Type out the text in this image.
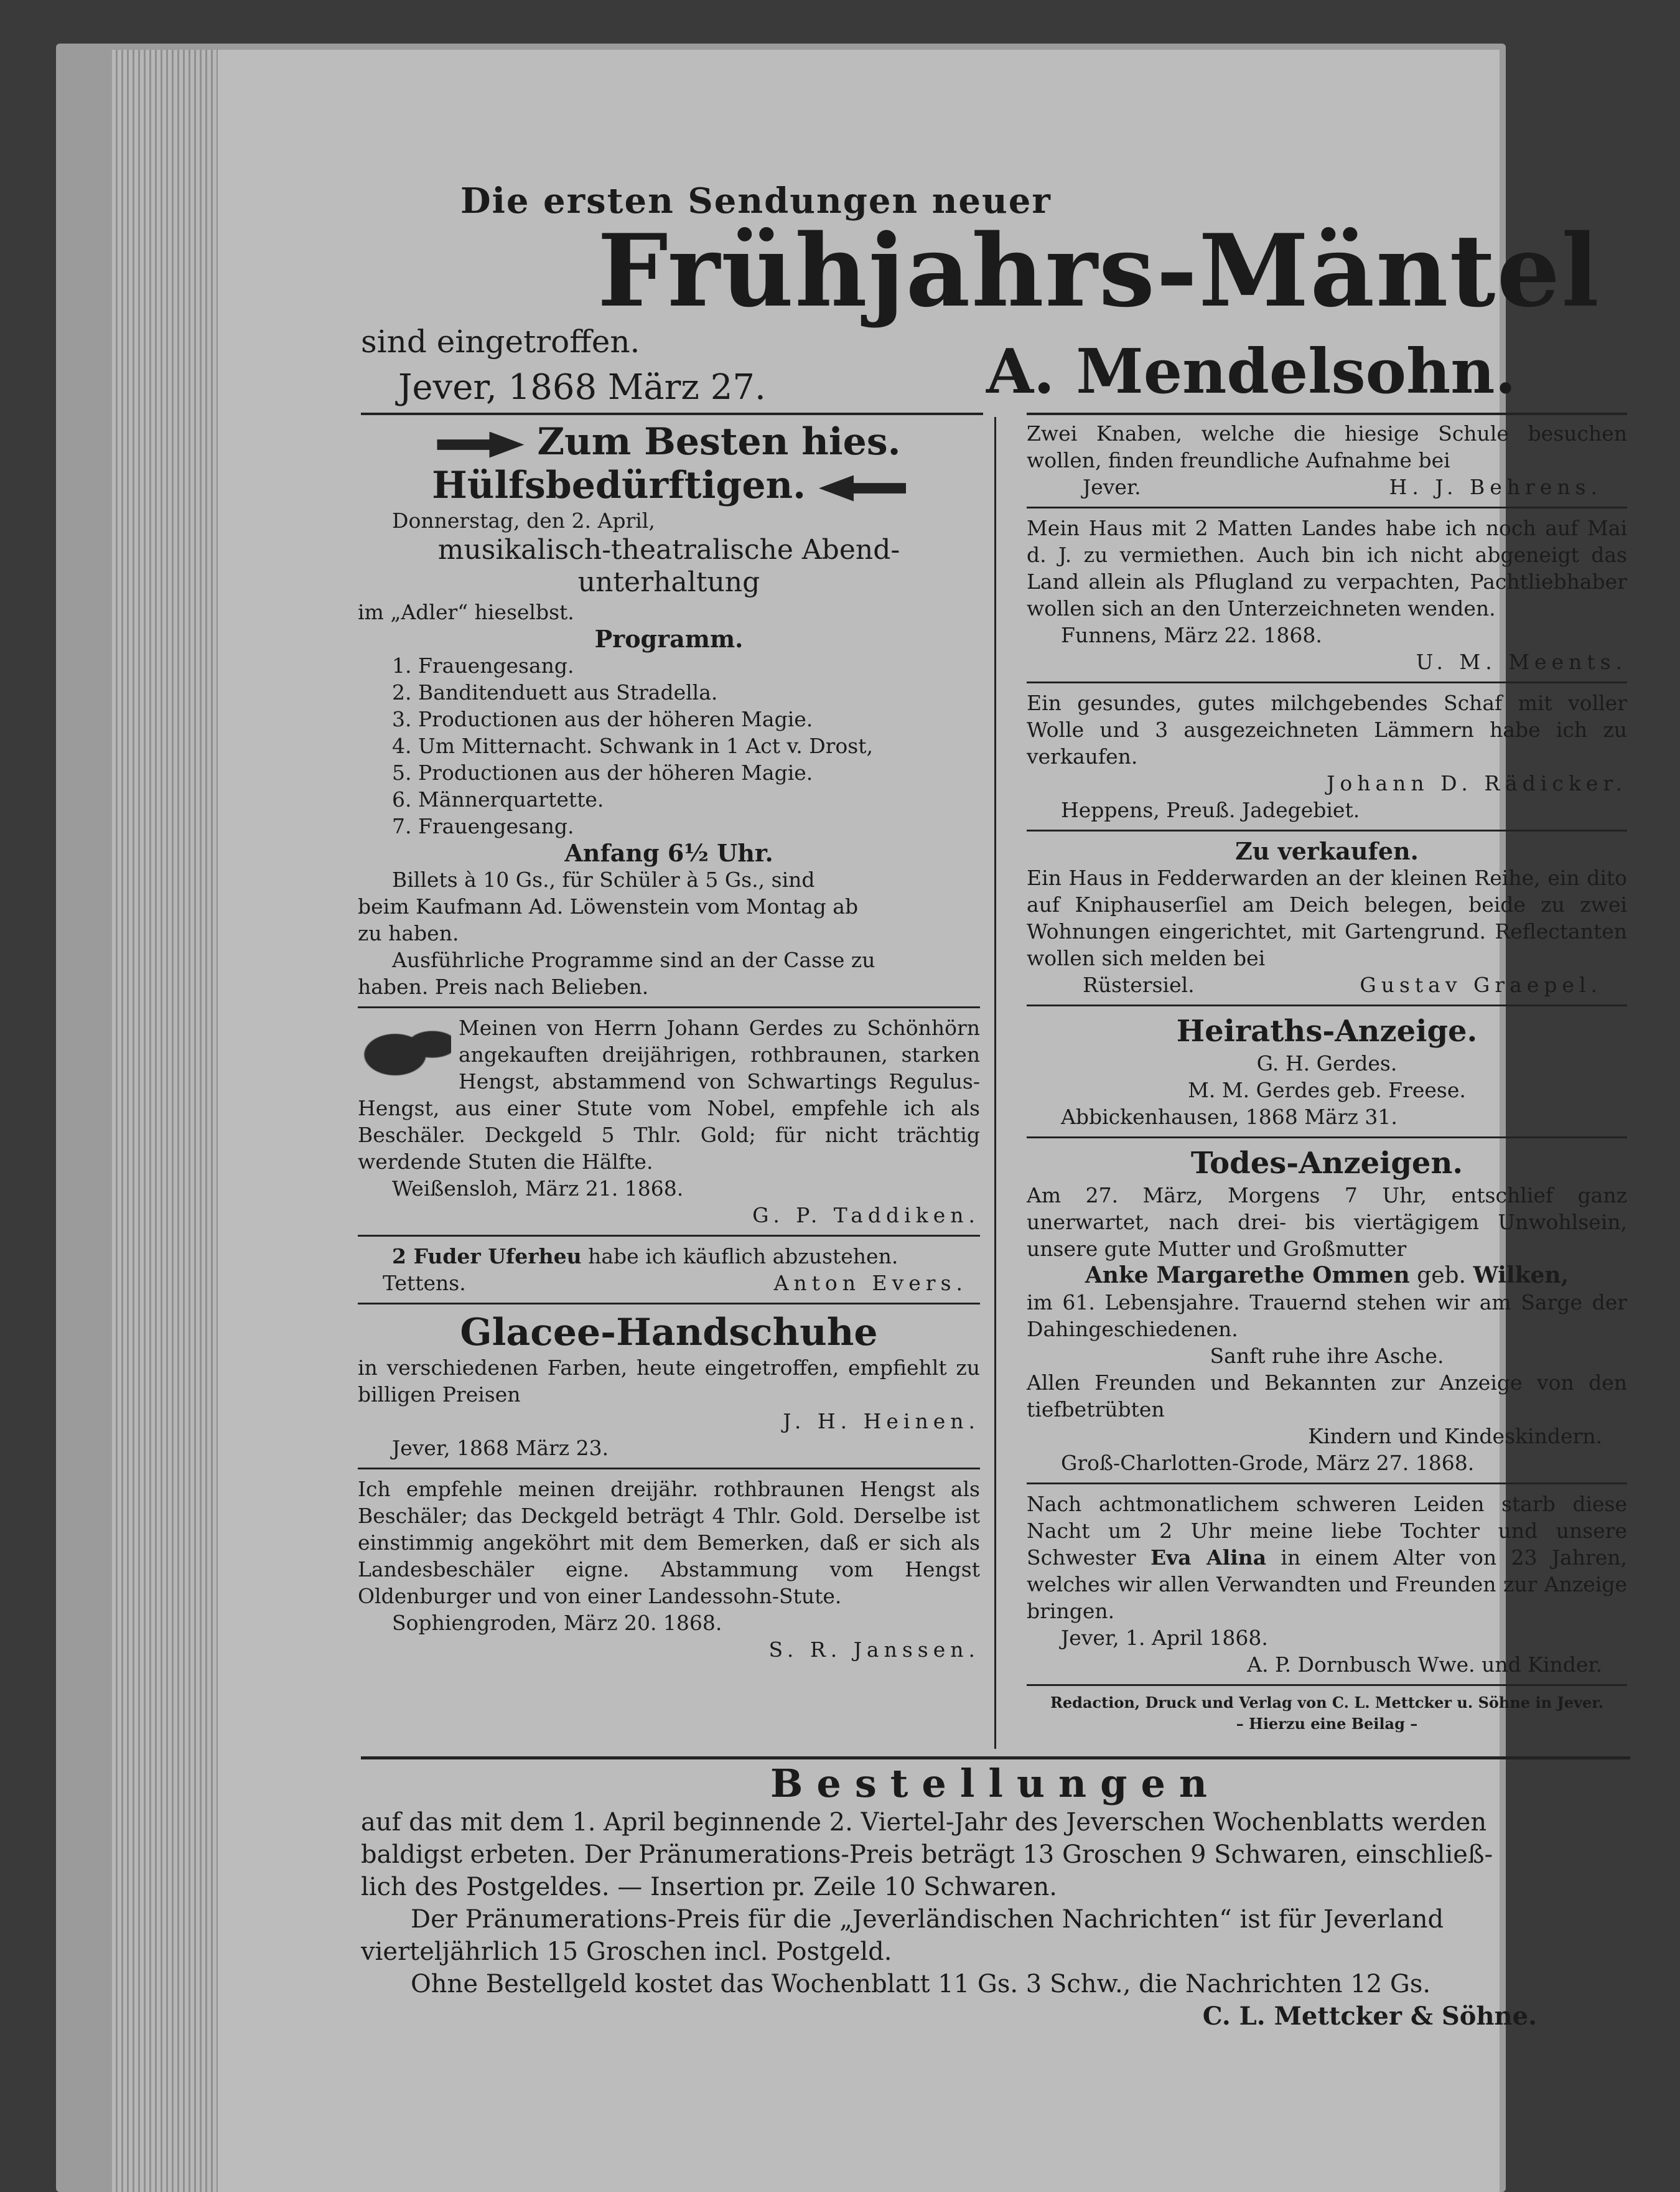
Die ersten Sendungen neuer
Frühjahrs-Mäntel
sind eingetroffen.
Jever, 1868 März 27.	A. Mendelsohn.
Zum Besten hies.
Hülfsbedürftigen.

Donnerstag, den 2. April,

musikalisch-theatralische Abend-

unterhaltung

im „Adler“ hieselbst.

Programm.

1. Frauengesang.

2. Banditenduett aus Stradella.

3. Productionen aus der höheren Magie.

4. Um Mitternacht. Schwank in 1 Act v. Drost,

5. Productionen aus der höheren Magie.

6. Männerquartette.

7. Frauengesang.

Anfang 6½ Uhr.

Billets à 10 Gs., für Schüler à 5 Gs., sind

beim Kaufmann Ad. Löwenstein vom Montag ab

zu haben.

Ausführliche Programme sind an der Casse zu

haben. Preis nach Belieben.

Meinen von Herrn Johann Gerdes zu Schönhörn angekauften dreijährigen, rothbraunen, starken Hengst, abstammend von Schwartings Regulus-Hengst, aus einer Stute vom Nobel, empfehle ich als Beschäler. Deckgeld 5 Thlr. Gold; für nicht trächtig werdende Stuten die Hälfte.

Weißensloh, März 21. 1868.

G. P. Taddiken.

2 Fuder Uferheu habe ich käuflich abzustehen.

Tettens.	Anton Evers.

Glacee-Handschuhe

in verschiedenen Farben, heute eingetroffen, empfiehlt zu billigen Preisen

J. H. Heinen.

Jever, 1868 März 23.

Ich empfehle meinen dreijähr. rothbraunen Hengst als Beschäler; das Deckgeld beträgt 4 Thlr. Gold. Derselbe ist einstimmig angeköhrt mit dem Bemerken, daß er sich als Landesbeschäler eigne. Abstammung vom Hengst Oldenburger und von einer Landessohn-Stute.

Sophiengroden, März 20. 1868.

S. R. Janssen.

Zwei Knaben, welche die hiesige Schule besuchen wollen, finden freundliche Aufnahme bei

Jever.	H. J. Behrens.

Mein Haus mit 2 Matten Landes habe ich noch auf Mai d. J. zu vermiethen. Auch bin ich nicht abgeneigt das Land allein als Pflugland zu verpachten, Pachtliebhaber wollen sich an den Unterzeichneten wenden.

Funnens, März 22. 1868.

U. M. Meents.

Ein gesundes, gutes milchgebendes Schaf mit voller Wolle und 3 ausgezeichneten Lämmern habe ich zu verkaufen.

Johann D. Rädicker.

Heppens, Preuß. Jadegebiet.

Zu verkaufen.

Ein Haus in Fedderwarden an der kleinen Reihe, ein dito auf Kniphauserſiel am Deich belegen, beide zu zwei Wohnungen eingerichtet, mit Gartengrund. Reflectanten wollen sich melden bei

Rüstersiel.	Gustav Graepel.

Heiraths-Anzeige.

G. H. Gerdes.

M. M. Gerdes geb. Freese.

Abbickenhausen, 1868 März 31.

Todes-Anzeigen.

Am 27. März, Morgens 7 Uhr, entschlief ganz unerwartet, nach drei- bis viertägigem Unwohlsein, unsere gute Mutter und Großmutter

Anke Margarethe Ommen geb. Wilken,

im 61. Lebensjahre. Trauernd stehen wir am Sarge der Dahingeschiedenen.

Sanft ruhe ihre Asche.

Allen Freunden und Bekannten zur Anzeige von den tiefbetrübten

Kindern und Kindeskindern.

Groß-Charlotten-Grode, März 27. 1868.

Nach achtmonatlichem schweren Leiden starb diese Nacht um 2 Uhr meine liebe Tochter und unsere Schwester Eva Alina in einem Alter von 23 Jahren, welches wir allen Verwandten und Freunden zur Anzeige bringen.

Jever, 1. April 1868.

A. P. Dornbusch Wwe. und Kinder.

Redaction, Druck und Verlag von C. L. Mettcker u. Söhne in Jever.

– Hierzu eine Beilag –

Bestellungen

auf das mit dem 1. April beginnende 2. Viertel-Jahr des Jeverschen Wochenblatts werden

baldigst erbeten. Der Pränumerations-Preis beträgt 13 Groschen 9 Schwaren, einschließ-

lich des Postgeldes. — Insertion pr. Zeile 10 Schwaren.

Der Pränumerations-Preis für die „Jeverländischen Nachrichten“ ist für Jeverland

vierteljährlich 15 Groschen incl. Postgeld.

Ohne Bestellgeld kostet das Wochenblatt 11 Gs. 3 Schw., die Nachrichten 12 Gs.

C. L. Mettcker & Söhne.
